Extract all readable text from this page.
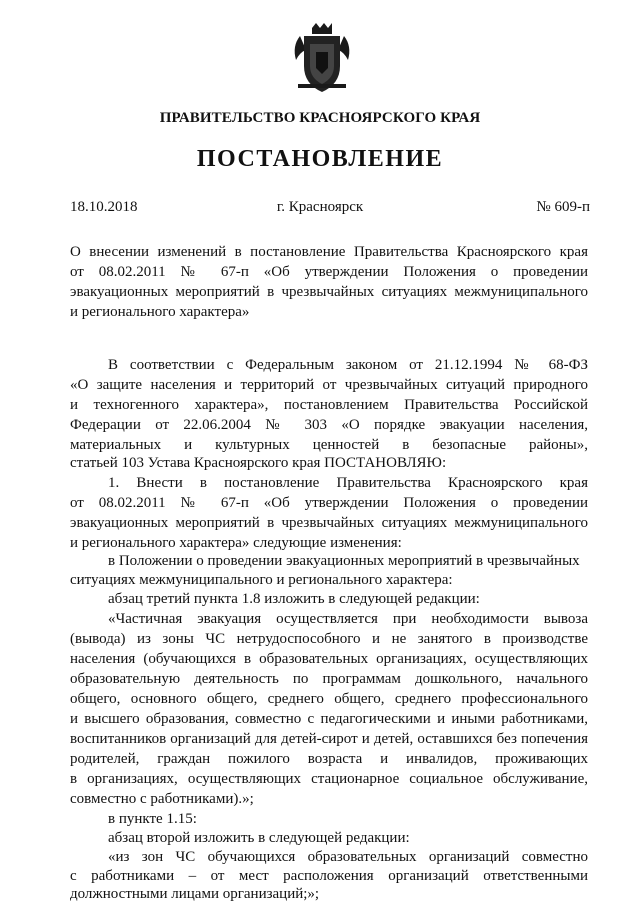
ПРАВИТЕЛЬСТВО КРАСНОЯРСКОГО КРАЯ
ПОСТАНОВЛЕНИЕ
18.10.2018	г. Красноярск	№ 609-п
О внесении изменений в постановление Правительства Красноярского края
от 08.02.2011 № 67-п «Об утверждении Положения о проведении
эвакуационных мероприятий в чрезвычайных ситуациях межмуниципального
и регионального характера»
В соответствии с Федеральным законом от 21.12.1994 № 68-ФЗ
«О защите населения и территорий от чрезвычайных ситуаций природного
и техногенного характера», постановлением Правительства Российской
Федерации от 22.06.2004 № 303 «О порядке эвакуации населения,
материальных и культурных ценностей в безопасные районы»,
статьей 103 Устава Красноярского края ПОСТАНОВЛЯЮ:
1. Внести в постановление Правительства Красноярского края
от 08.02.2011 № 67-п «Об утверждении Положения о проведении
эвакуационных мероприятий в чрезвычайных ситуациях межмуниципального
и регионального характера» следующие изменения:
в Положении о проведении эвакуационных мероприятий в чрезвычайных
ситуациях межмуниципального и регионального характера:
абзац третий пункта 1.8 изложить в следующей редакции:
«Частичная эвакуация осуществляется при необходимости вывоза
(вывода) из зоны ЧС нетрудоспособного и не занятого в производстве
населения (обучающихся в образовательных организациях, осуществляющих
образовательную деятельность по программам дошкольного, начального
общего, основного общего, среднего общего, среднего профессионального
и высшего образования, совместно с педагогическими и иными работниками,
воспитанников организаций для детей-сирот и детей, оставшихся без попечения
родителей, граждан пожилого возраста и инвалидов, проживающих
в организациях, осуществляющих стационарное социальное обслуживание,
совместно с работниками).»;
в пункте 1.15:
абзац второй изложить в следующей редакции:
«из зон ЧС обучающихся образовательных организаций совместно
с работниками – от мест расположения организаций ответственными
должностными лицами организаций;»;
